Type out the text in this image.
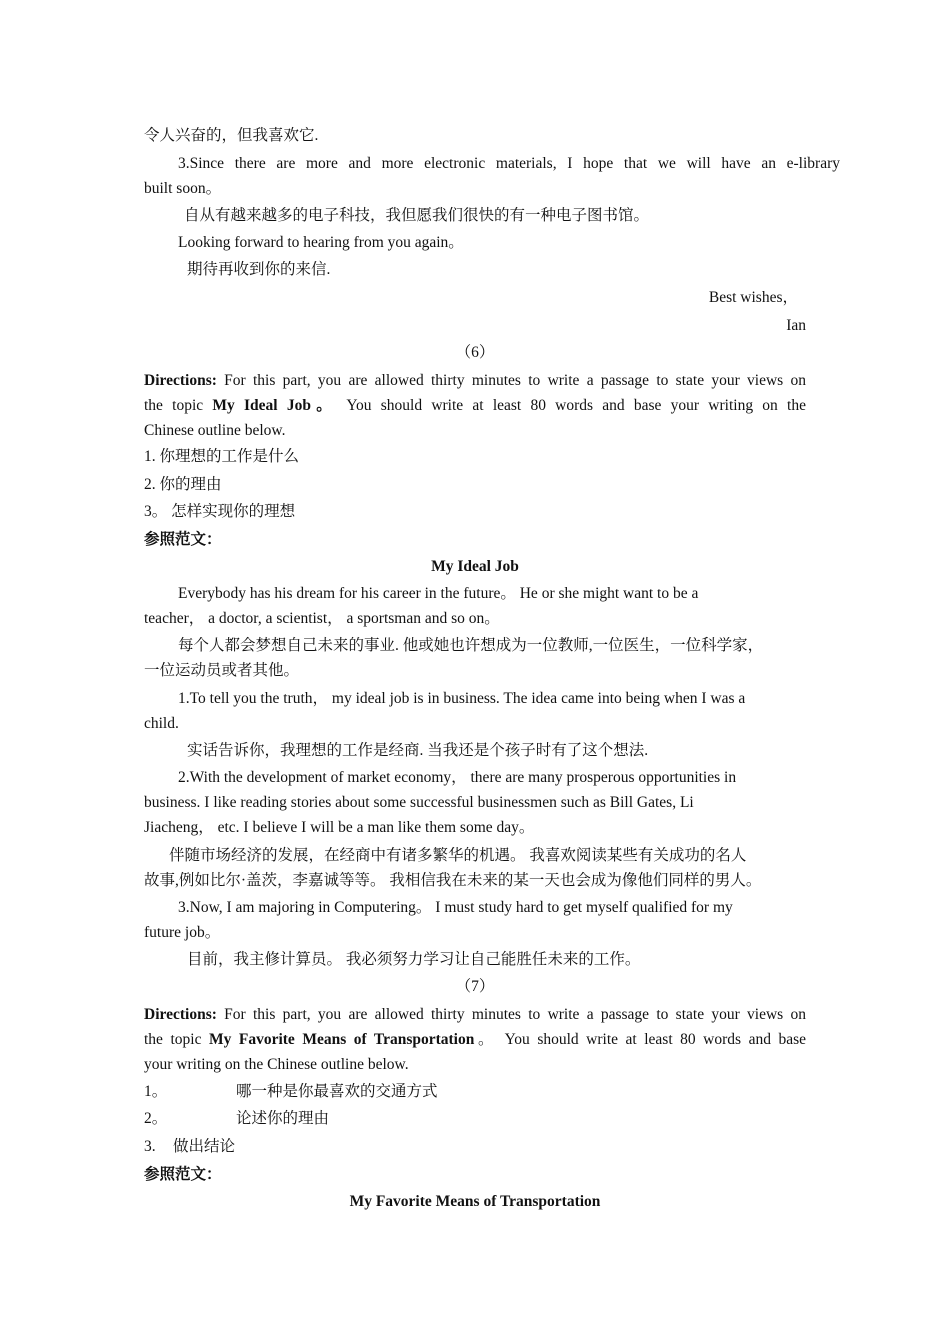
令人兴奋的，但我喜欢它.
3.Since there are more and more electronic materials, I hope that we will have an e-library
built soon。
自从有越来越多的电子科技，我但愿我们很快的有一种电子图书馆。
Looking forward to hearing from you again。
期待再收到你的来信.
Best wishes，
Ian
（6）
Directions: For this part, you are allowed thirty minutes to write a passage to state your views on
the topic My Ideal Job。 You should write at least 80 words and base your writing on the
Chinese outline below.
1. 你理想的工作是什么
2. 你的理由
3。 怎样实现你的理想
参照范文：
My Ideal Job
Everybody has his dream for his career in the future。 He or she might want to be a
teacher， a doctor, a scientist， a sportsman and so on。
每个人都会梦想自己未来的事业. 他或她也许想成为一位教师,一位医生，一位科学家，
一位运动员或者其他。
1.To tell you the truth， my ideal job is in business. The idea came into being when I was a
child.
实话告诉你，我理想的工作是经商. 当我还是个孩子时有了这个想法.
2.With the development of market economy， there are many prosperous opportunities in
business. I like reading stories about some successful businessmen such as Bill Gates, Li
Jiacheng， etc. I believe I will be a man like them some day。
伴随市场经济的发展，在经商中有诸多繁华的机遇。 我喜欢阅读某些有关成功的名人
故事,例如比尔·盖茨，李嘉诚等等。 我相信我在未来的某一天也会成为像他们同样的男人。
3.Now, I am majoring in Computering。 I must study hard to get myself qualified for my
future job。
目前，我主修计算员。 我必须努力学习让自己能胜任未来的工作。
（7）
Directions: For this part, you are allowed thirty minutes to write a passage to state your views on
the topic My Favorite Means of Transportation。 You should write at least 80 words and base
your writing on the Chinese outline below.
1。	哪一种是你最喜欢的交通方式
2。	论述你的理由
3. 做出结论
参照范文：
My Favorite Means of Transportation
